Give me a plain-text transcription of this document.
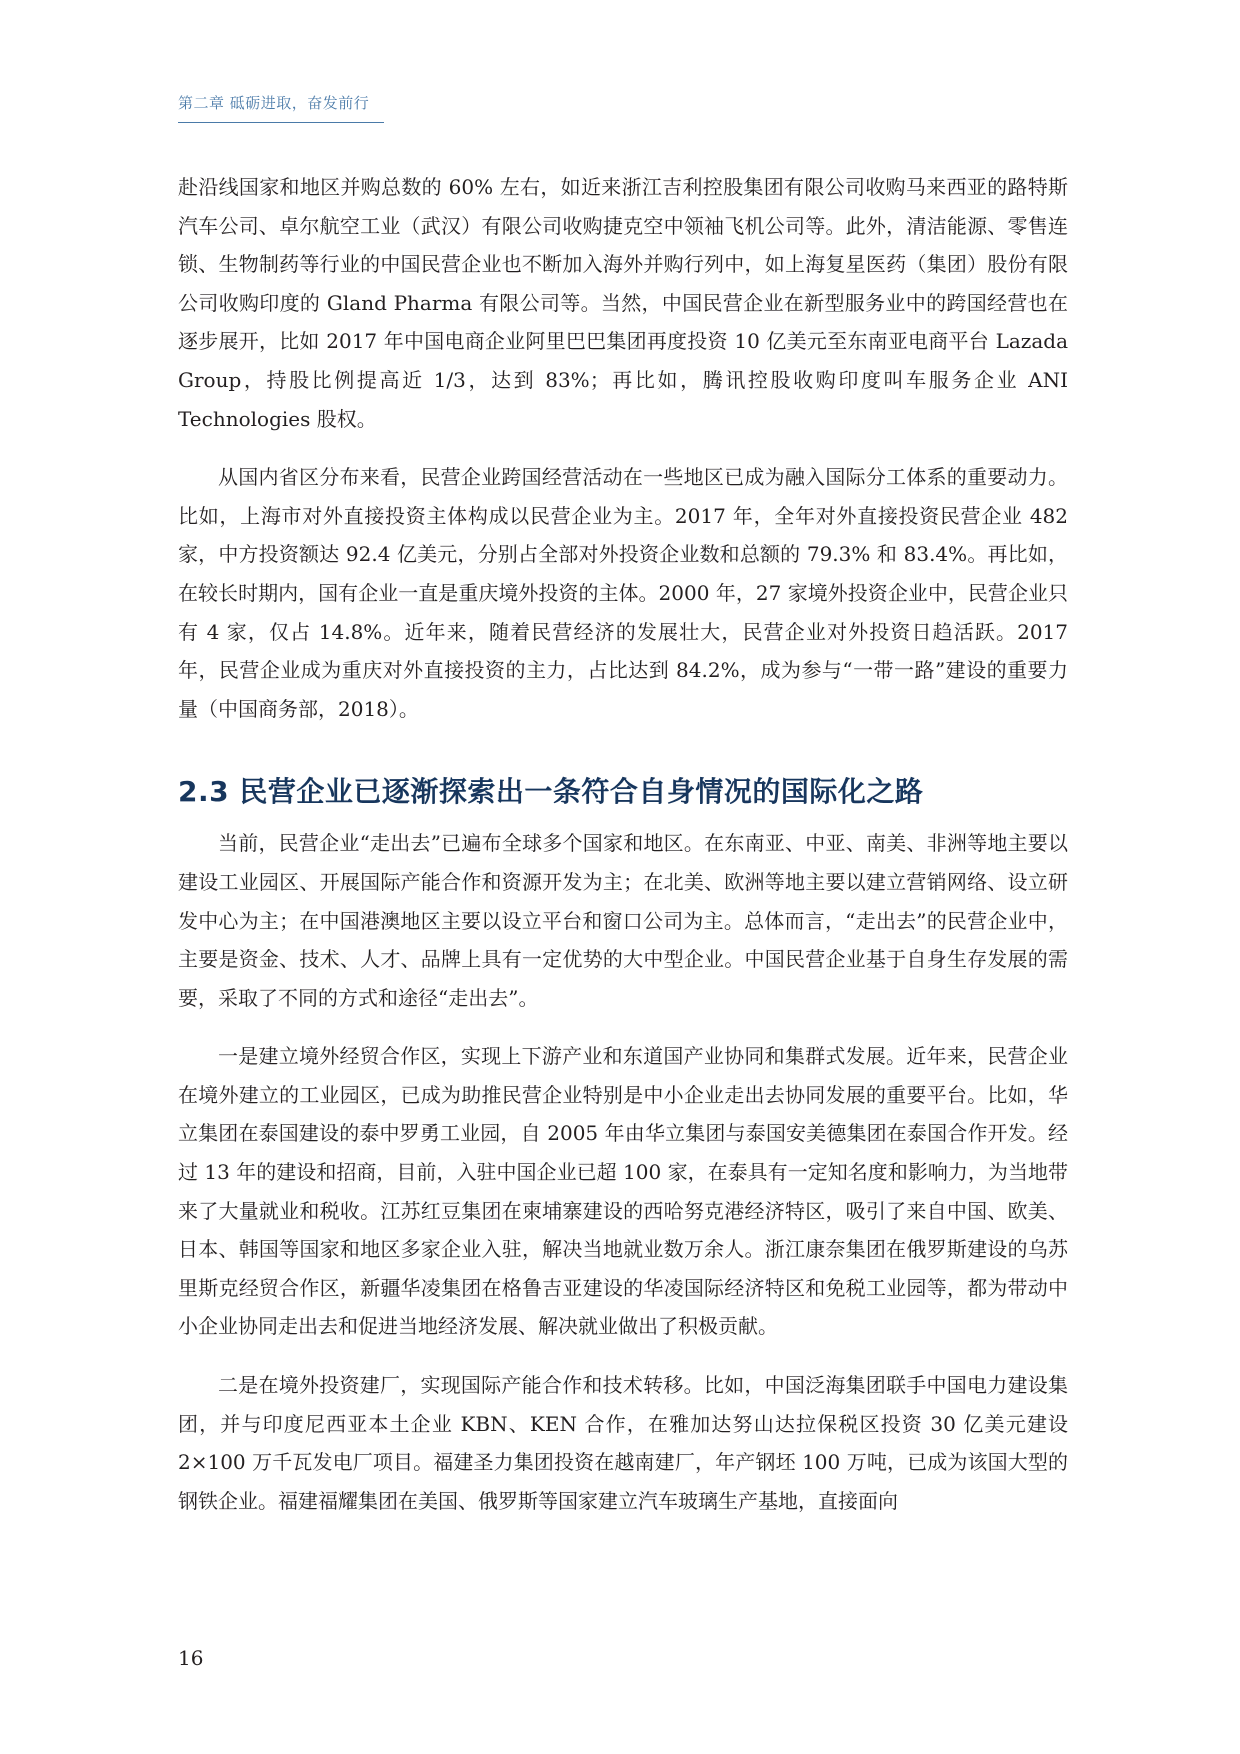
第二章 砥砺进取，奋发前行

赴沿线国家和地区并购总数的 60% 左右，如近来浙江吉利控股集团有限公司收购马来西亚的路特斯汽车公司、卓尔航空工业（武汉）有限公司收购捷克空中领袖飞机公司等。此外，清洁能源、零售连锁、生物制药等行业的中国民营企业也不断加入海外并购行列中，如上海复星医药（集团）股份有限公司收购印度的 Gland Pharma 有限公司等。当然，中国民营企业在新型服务业中的跨国经营也在逐步展开，比如 2017 年中国电商企业阿里巴巴集团再度投资 10 亿美元至东南亚电商平台 Lazada Group，持股比例提高近 1/3，达到 83%；再比如，腾讯控股收购印度叫车服务企业 ANI Technologies 股权。

从国内省区分布来看，民营企业跨国经营活动在一些地区已成为融入国际分工体系的重要动力。比如，上海市对外直接投资主体构成以民营企业为主。2017 年，全年对外直接投资民营企业 482 家，中方投资额达 92.4 亿美元，分别占全部对外投资企业数和总额的 79.3% 和 83.4%。再比如，在较长时期内，国有企业一直是重庆境外投资的主体。2000 年，27 家境外投资企业中，民营企业只有 4 家，仅占 14.8%。近年来，随着民营经济的发展壮大，民营企业对外投资日趋活跃。2017 年，民营企业成为重庆对外直接投资的主力，占比达到 84.2%，成为参与“一带一路”建设的重要力量（中国商务部，2018）。

2.3 民营企业已逐渐探索出一条符合自身情况的国际化之路

当前，民营企业“走出去”已遍布全球多个国家和地区。在东南亚、中亚、南美、非洲等地主要以建设工业园区、开展国际产能合作和资源开发为主；在北美、欧洲等地主要以建立营销网络、设立研发中心为主；在中国港澳地区主要以设立平台和窗口公司为主。总体而言，“走出去”的民营企业中，主要是资金、技术、人才、品牌上具有一定优势的大中型企业。中国民营企业基于自身生存发展的需要，采取了不同的方式和途径“走出去”。

一是建立境外经贸合作区，实现上下游产业和东道国产业协同和集群式发展。近年来，民营企业在境外建立的工业园区，已成为助推民营企业特别是中小企业走出去协同发展的重要平台。比如，华立集团在泰国建设的泰中罗勇工业园，自 2005 年由华立集团与泰国安美德集团在泰国合作开发。经过 13 年的建设和招商，目前，入驻中国企业已超 100 家，在泰具有一定知名度和影响力，为当地带来了大量就业和税收。江苏红豆集团在柬埔寨建设的西哈努克港经济特区，吸引了来自中国、欧美、日本、韩国等国家和地区多家企业入驻，解决当地就业数万余人。浙江康奈集团在俄罗斯建设的乌苏里斯克经贸合作区，新疆华凌集团在格鲁吉亚建设的华凌国际经济特区和免税工业园等，都为带动中小企业协同走出去和促进当地经济发展、解决就业做出了积极贡献。

二是在境外投资建厂，实现国际产能合作和技术转移。比如，中国泛海集团联手中国电力建设集团，并与印度尼西亚本土企业 KBN、KEN 合作，在雅加达努山达拉保税区投资 30 亿美元建设 2×100 万千瓦发电厂项目。福建圣力集团投资在越南建厂，年产钢坯 100 万吨，已成为该国大型的钢铁企业。福建福耀集团在美国、俄罗斯等国家建立汽车玻璃生产基地，直接面向

16
